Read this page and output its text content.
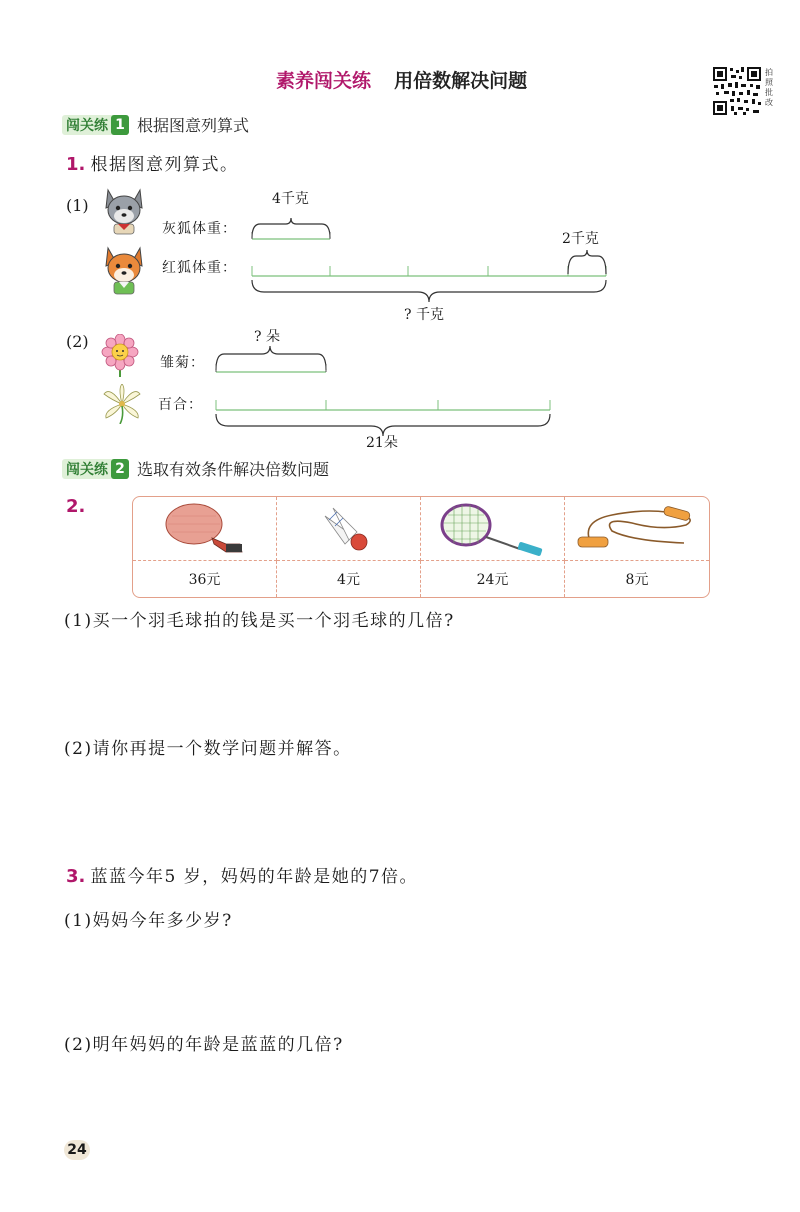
素养闯关练 用倍数解决问题	拍照批改
闯关练 1 根据图意列算式
1. 根据图意列算式。
(1)
灰狐体重：
红狐体重：
4千克
2千克
? 千克
(2)
雏菊：
百合：
? 朵
21朵
闯关练 2 选取有效条件解决倍数问题
2.
36元	4元	24元	8元
(1)买一个羽毛球拍的钱是买一个羽毛球的几倍?
(2)请你再提一个数学问题并解答。
3. 蓝蓝今年5 岁，妈妈的年龄是她的7倍。
(1)妈妈今年多少岁?
(2)明年妈妈的年龄是蓝蓝的几倍?
24
